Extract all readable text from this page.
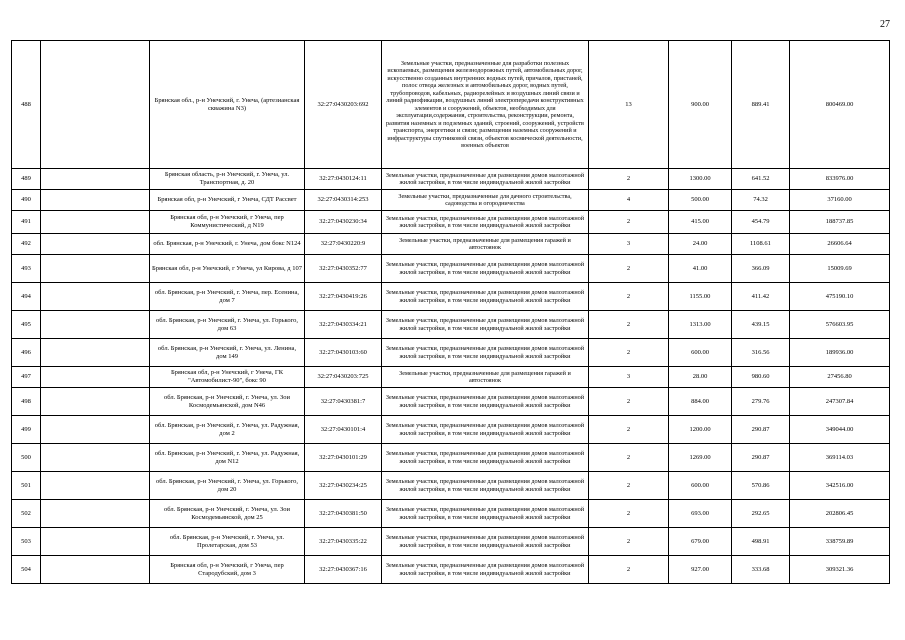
27
488		Брянская обл., р-н Унечский, г. Унеча, (артезианская скважина N3)	32:27:0430203:692	Земельные участки, предназначенные для разработки полезных ископаемых, размещения железнодорожных путей, автомобильных дорог, искусственно созданных внутренних водных путей, причалов, пристаней, полос отвода железных и автомобильных дорог, водных путей, трубопроводов, кабельных, радиорелейных и воздушных линий связи и линий радиофикации, воздушных линий электропередачи конструктивных элементов и сооружений, объектов, необходимых для эксплуатации,содержания, строительства, реконструкции, ремонта, развития наземных и подземных зданий, строений, сооружений, устройств транспорта, энергетики и связи; размещения наземных сооружений и инфраструктуры спутниковой связи, объектов космической деятельности, военных объектов	13	900.00	889.41	800469.00
489		Брянская область, р-н Унечский, г. Унеча, ул. Транспортная, д. 20	32:27:0430124:11	Земельные участки, предназначенные для размещения домов малоэтажной жилой застройки, в том числе индивидуальной жилой застройки	2	1300.00	641.52	833976.00
490		Брянская обл, р-н Унечский, г Унеча, СДТ Рассвет	32:27:0430314:253	Земельные участки, предназначенные для дачного строительства, садоводства и огородничества	4	500.00	74.32	37160.00
491		Брянская обл, р-н Унечский, г Унеча, пер Коммунистический, д N19	32:27:0430230:34	Земельные участки, предназначенные для размещения домов малоэтажной жилой застройки, в том числе индивидуальной жилой застройки	2	415.00	454.79	188737.85
492		обл. Брянская, р-н Унечский, г. Унеча, дом бокс N124	32:27:0430220:9	Земельные участки, предназначенные для размещения гаражей и автостоянок	3	24.00	1108.61	26606.64
493		Брянская обл, р-н Унечский, г Унеча, ул Кирова, д 107	32:27:0430352:77	Земельные участки, предназначенные для размещения домов малоэтажной жилой застройки, в том числе индивидуальной жилой застройки	2	41.00	366.09	15009.69
494		обл. Брянская, р-н Унечский, г. Унеча, пер. Есенина, дом 7	32:27:0430419:26	Земельные участки, предназначенные для размещения домов малоэтажной жилой застройки, в том числе индивидуальной жилой застройки	2	1155.00	411.42	475190.10
495		обл. Брянская, р-н Унечский, г. Унеча, ул. Горького, дом 63	32:27:0430334:21	Земельные участки, предназначенные для размещения домов малоэтажной жилой застройки, в том числе индивидуальной жилой застройки	2	1313.00	439.15	576603.95
496		обл. Брянская, р-н Унечский, г. Унеча, ул. Ленина, дом 149	32:27:0430103:60	Земельные участки, предназначенные для размещения домов малоэтажной жилой застройки, в том числе индивидуальной жилой застройки	2	600.00	316.56	189936.00
497		Брянская обл, р-н Унечский, г Унеча, ГК "Автомобилист-90", бокс 90	32:27:0430203:725	Земельные участки, предназначенные для размещения гаражей и автостоянок	3	28.00	980.60	27456.80
498		обл. Брянская, р-н Унечский, г. Унеча, ул. Зои Космодемьянской, дом N46	32:27:0430381:7	Земельные участки, предназначенные для размещения домов малоэтажной жилой застройки, в том числе индивидуальной жилой застройки	2	884.00	279.76	247307.84
499		обл. Брянская, р-н Унечский, г. Унеча, ул. Радужная, дом 2	32:27:0430101:4	Земельные участки, предназначенные для размещения домов малоэтажной жилой застройки, в том числе индивидуальной жилой застройки	2	1200.00	290.87	349044.00
500		обл. Брянская, р-н Унечский, г. Унеча, ул. Радужная, дом N12	32:27:0430101:29	Земельные участки, предназначенные для размещения домов малоэтажной жилой застройки, в том числе индивидуальной жилой застройки	2	1269.00	290.87	369114.03
501		обл. Брянская, р-н Унечский, г. Унеча, ул. Горького, дом 20	32:27:0430234:25	Земельные участки, предназначенные для размещения домов малоэтажной жилой застройки, в том числе индивидуальной жилой застройки	2	600.00	570.86	342516.00
502		обл. Брянская, р-н Унечский, г. Унеча, ул. Зои Космодемьянской, дом 25	32:27:0430381:50	Земельные участки, предназначенные для размещения домов малоэтажной жилой застройки, в том числе индивидуальной жилой застройки	2	693.00	292.65	202806.45
503		обл. Брянская, р-н Унечский, г. Унеча, ул. Пролетарская, дом 53	32:27:0430335:22	Земельные участки, предназначенные для размещения домов малоэтажной жилой застройки, в том числе индивидуальной жилой застройки	2	679.00	498.91	338759.89
504		Брянская обл, р-н Унечский, г Унеча, пер Стародубский, дом 3	32:27:0430367:16	Земельные участки, предназначенные для размещения домов малоэтажной жилой застройки, в том числе индивидуальной жилой застройки	2	927.00	333.68	309321.36
